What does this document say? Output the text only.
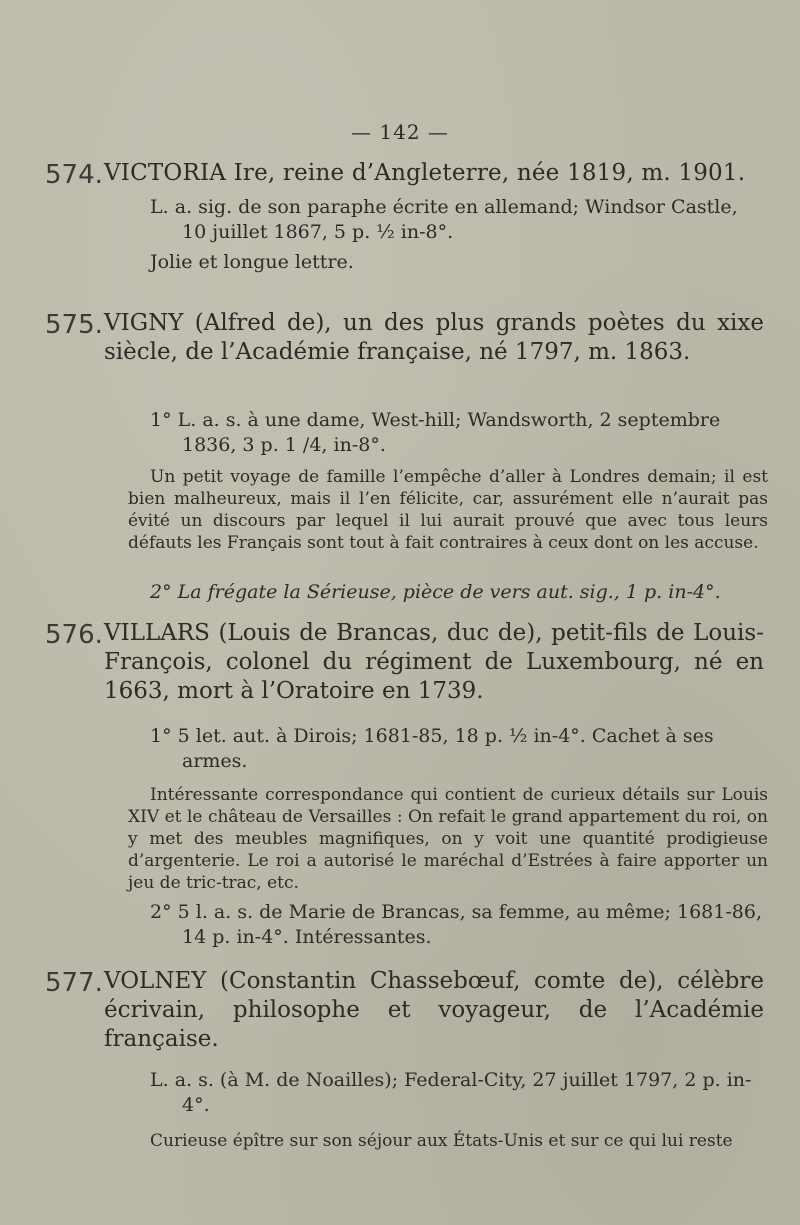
— 142 —
574. VICTORIA Ire, reine d’Angleterre, née 1819, m. 1901.
L. a. sig. de son paraphe écrite en allemand; Windsor Castle, 10 juillet 1867, 5 p. ½ in-8°.
Jolie et longue lettre.
575. VIGNY (Alfred de), un des plus grands poètes du xixe siècle, de l’Académie française, né 1797, m. 1863.
1° L. a. s. à une dame, West-hill; Wandsworth, 2 septembre 1836, 3 p. 1 /4, in-8°.
Un petit voyage de famille l’empêche d’aller à Londres demain; il est bien malheureux, mais il l’en félicite, car, assurément elle n’aurait pas évité un discours par lequel il lui aurait prouvé que avec tous leurs défauts les Français sont tout à fait contraires à ceux dont on les accuse.
2° La frégate la Sérieuse, pièce de vers aut. sig., 1 p. in-4°.
576. VILLARS (Louis de Brancas, duc de), petit-fils de Louis-François, colonel du régiment de Luxembourg, né en 1663, mort à l’Oratoire en 1739.
1° 5 let. aut. à Dirois; 1681-85, 18 p. ½ in-4°. Cachet à ses armes.
Intéressante correspondance qui contient de curieux détails sur Louis XIV et le château de Versailles : On refait le grand appartement du roi, on y met des meubles magnifiques, on y voit une quantité prodigieuse d’argenterie. Le roi a autorisé le maréchal d’Estrées à faire apporter un jeu de tric-trac, etc.
2° 5 l. a. s. de Marie de Brancas, sa femme, au même; 1681-86, 14 p. in-4°. Intéressantes.
577. VOLNEY (Constantin Chassebœuf, comte de), célèbre écrivain, philosophe et voyageur, de l’Académie française.
L. a. s. (à M. de Noailles); Federal-City, 27 juillet 1797, 2 p. in-4°.
Curieuse épître sur son séjour aux États-Unis et sur ce qui lui reste
